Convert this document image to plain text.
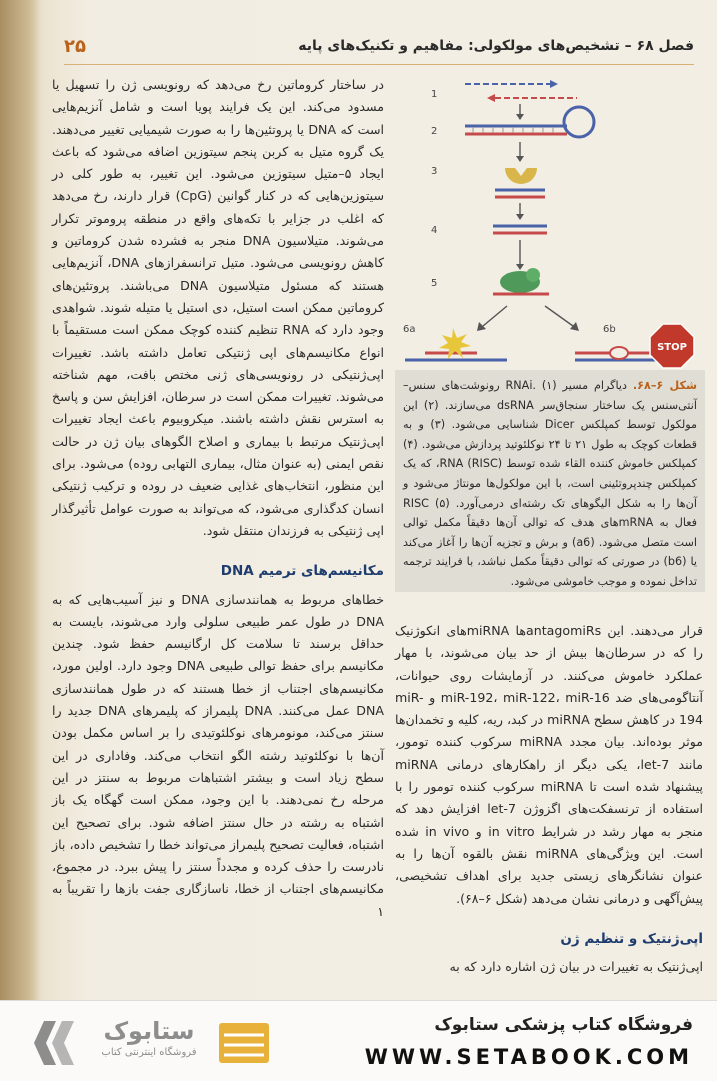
فصل ۶۸ – تشخیص‌های مولکولی: مفاهیم و تکنیک‌های پایه
۲۵

در ساختار کروماتین رخ می‌دهد که رونویسی ژن را تسهیل یا مسدود می‌کند. این یک فرایند پویا است و شامل آنزیم‌هایی است که DNA یا پروتئین‌ها را به صورت شیمیایی تغییر می‌دهند. یک گروه متیل به کربن پنجم سیتوزین اضافه می‌شود که باعث ایجاد ۵–متیل سیتوزین می‌شود. این تغییر، به طور کلی در سیتوزین‌هایی که در کنار گوانین (CpG) قرار دارند، رخ می‌دهد که اغلب در جزایر با تکه‌های واقع در منطقه پروموتر تکرار می‌شوند. متیلاسیون DNA منجر به فشرده شدن کروماتین و کاهش رونویسی می‌شود. متیل ترانسفرازهای DNA، آنزیم‌هایی هستند که مسئول متیلاسیون DNA می‌باشند. پروتئین‌های کروماتین ممکن است استیل، دی استیل یا متیله شوند. شواهدی وجود دارد که RNA تنظیم کننده کوچک ممکن است مستقیماً با انواع مکانیسم‌های اپی ژنتیکی تعامل داشته باشد. تغییرات اپی‌ژنتیکی در رونویسی‌های ژنی مختص بافت، مهم شناخته می‌شوند. تغییرات ممکن است در سرطان، افزایش سن و پاسخ به استرس نقش داشته باشند. میکروبیوم باعث ایجاد تغییرات اپی‌ژنتیک مرتبط با بیماری و اصلاح الگوهای بیان ژن در حالت نقص ایمنی (به عنوان مثال، بیماری التهابی روده) می‌شود. برای این منظور، انتخاب‌های غذایی ضعیف در روده و ترکیب ژنتیکی انسان کدگذاری می‌شود، که می‌تواند به صورت عوامل تأثیرگذار اپی ژنتیکی به فرزندان منتقل شود.

مکانیسم‌های ترمیم DNA

خطاهای مربوط به همانندسازی DNA و نیز آسیب‌هایی که به DNA در طول عمر طبیعی سلولی وارد می‌شوند، بایست به حداقل برسند تا سلامت کل ارگانیسم حفظ شود. چندین مکانیسم برای حفظ توالی طبیعی DNA وجود دارد. اولین مورد، مکانیسم‌های اجتناب از خطا هستند که در طول همانندسازی DNA عمل می‌کنند. DNA پلیمراز که پلیمرهای DNA جدید را سنتز می‌کند، مونومرهای نوکلئوتیدی را بر اساس مکمل بودن آن‌ها با نوکلئوتید رشته الگو انتخاب می‌کند. وفاداری در این سطح زیاد است و بیشتر اشتباهات مربوط به سنتز در این مرحله رخ نمی‌دهند. با این وجود، ممکن است گهگاه یک باز اشتباه به رشته در حال سنتز اضافه شود. برای تصحیح این اشتباه، فعالیت تصحیح پلیمراز می‌تواند خطا را تشخیص داده، باز نادرست را حذف کرده و مجدداً سنتز را پیش ببرد. در مجموع، مکانیسم‌های اجتناب از خطا، ناسازگاری جفت بازها را تقریباً به ۱

1
2
3
4
5
6a	6b
STOP
شکل ۶–۶۸. دیاگرام مسیر RNAi. (۱) رونوشت‌های سنس–آنتی‌سنس یک ساختار سنجاق‌سر dsRNA می‌سازند. (۲) این مولکول توسط کمپلکس Dicer شناسایی می‌شود. (۳) و به قطعات کوچک به طول ۲۱ تا ۲۴ نوکلئوتید پردازش می‌شود. (۴) کمپلکس خاموش کننده القاء شده توسط RNA (RISC)، که یک کمپلکس چندپروتئینی است، با این مولکول‌ها مونتاژ می‌شود و آن‌ها را به شکل الیگوهای تک رشته‌ای درمی‌آورد. (۵) RISC فعال به mRNAهای هدف که توالی آن‌ها دقیقاً مکمل توالی است متصل می‌شود. (a6) و برش و تجزیه آن‌ها را آغاز می‌کند یا (b6) در صورتی که توالی دقیقاً مکمل نباشد، با فرایند ترجمه تداخل نموده و موجب خاموشی می‌شود.

قرار می‌دهند. این antagomiRsها miRNAهای انکوژنیک را که در سرطان‌ها بیش از حد بیان می‌شوند، با مهار عملکرد خاموش می‌کنند. در آزمایشات روی حیوانات، آنتاگومی‌های ضد miR-192، miR-122، miR-16 و miR-194 در کاهش سطح miRNA در کبد، ریه، کلیه و تخمدان‌ها موثر بوده‌اند. بیان مجدد miRNA سرکوب کننده تومور، مانند let-7، یکی دیگر از راهکارهای درمانی miRNA پیشنهاد شده است تا miRNA سرکوب کننده تومور را با استفاده از ترنسفکت‌های اگزوژن let-7 افزایش دهد که منجر به مهار رشد در شرایط in vitro و in vivo شده است. این ویژگی‌های miRNA نقش بالقوه آن‌ها را به عنوان نشانگرهای زیستی جدید برای اهداف تشخیصی، پیش‌آگهی و درمانی نشان می‌دهد (شکل ۶–۶۸).

اپی‌ژنتیک و تنظیم ژن

اپی‌ژنتیک به تغییرات در بیان ژن اشاره دارد که به

ستابوک
فروشگاه اینترنتی کتاب
فروشگاه کتاب پزشکی ستابوک
WWW.SETABOOK.COM
